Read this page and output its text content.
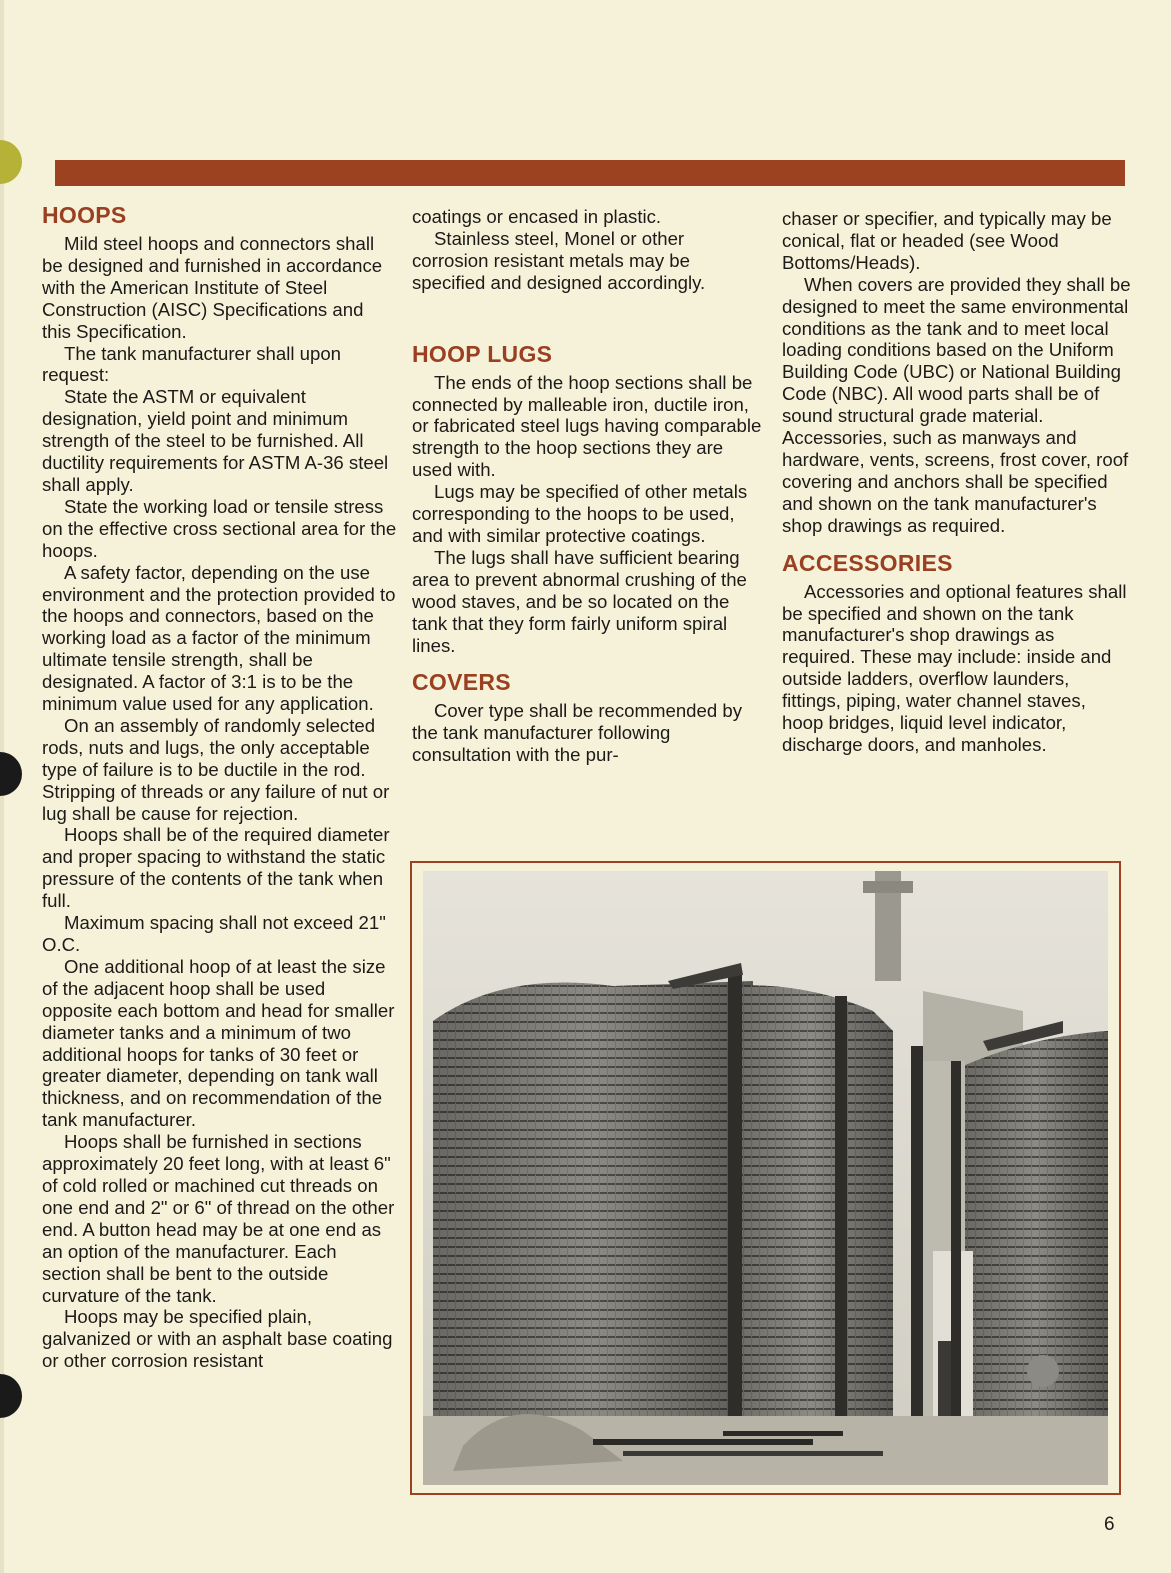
HOOPS

Mild steel hoops and connectors shall be designed and furnished in accordance with the American Institute of Steel Construction (AISC) Specifications and this Specification.

The tank manufacturer shall upon request:

State the ASTM or equivalent designation, yield point and minimum strength of the steel to be furnished. All ductility requirements for ASTM A-36 steel shall apply.

State the working load or tensile stress on the effective cross sectional area for the hoops.

A safety factor, depending on the use environment and the protection provided to the hoops and connectors, based on the working load as a factor of the minimum ultimate tensile strength, shall be designated. A factor of 3:1 is to be the minimum value used for any application.

On an assembly of randomly selected rods, nuts and lugs, the only acceptable type of failure is to be ductile in the rod. Stripping of threads or any failure of nut or lug shall be cause for rejection.

Hoops shall be of the required diameter and proper spacing to withstand the static pressure of the contents of the tank when full.

Maximum spacing shall not exceed 21" O.C.

One additional hoop of at least the size of the adjacent hoop shall be used opposite each bottom and head for smaller diameter tanks and a minimum of two additional hoops for tanks of 30 feet or greater diameter, depending on tank wall thickness, and on recommendation of the tank manufacturer.

Hoops shall be furnished in sections approximately 20 feet long, with at least 6" of cold rolled or machined cut threads on one end and 2" or 6" of thread on the other end. A button head may be at one end as an option of the manufacturer. Each section shall be bent to the outside curvature of the tank.

Hoops may be specified plain, galvanized or with an asphalt base coating or other corrosion resistant

coatings or encased in plastic.

Stainless steel, Monel or other corrosion resistant metals may be specified and designed accordingly.

HOOP LUGS

The ends of the hoop sections shall be connected by malleable iron, ductile iron, or fabricated steel lugs having comparable strength to the hoop sections they are used with.

Lugs may be specified of other metals corresponding to the hoops to be used, and with similar protective coatings.

The lugs shall have sufficient bearing area to prevent abnormal crushing of the wood staves, and be so located on the tank that they form fairly uniform spiral lines.

COVERS

Cover type shall be recommended by the tank manufacturer following consultation with the pur-

chaser or specifier, and typically may be conical, flat or headed (see Wood Bottoms/Heads).

When covers are provided they shall be designed to meet the same environmental conditions as the tank and to meet local loading conditions based on the Uniform Building Code (UBC) or National Building Code (NBC). All wood parts shall be of sound structural grade material. Accessories, such as manways and hardware, vents, screens, frost cover, roof covering and anchors shall be specified and shown on the tank manufacturer's shop drawings as required.

ACCESSORIES

Accessories and optional features shall be specified and shown on the tank manufacturer's shop drawings as required. These may include: inside and outside ladders, overflow launders, fittings, piping, water channel staves, hoop bridges, liquid level indicator, discharge doors, and manholes.

6
